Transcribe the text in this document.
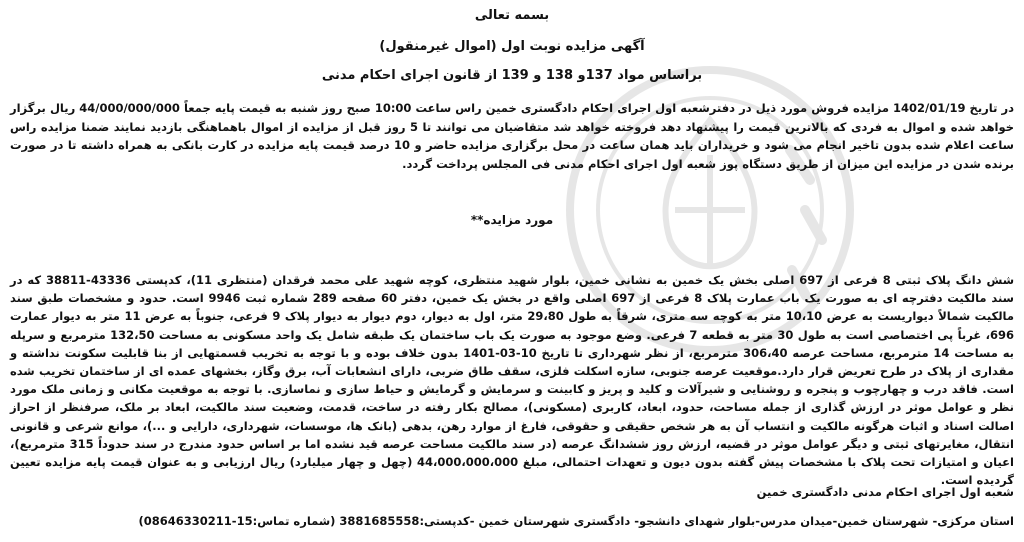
بسمه تعالی
آگهی مزایده نوبت اول (اموال غیرمنقول)
براساس مواد 137و 138 و 139 از قانون اجرای احکام مدنی
در تاریخ 1402/01/19 مزایده فروش مورد ذیل در دفترشعبه اول اجرای احکام دادگستری خمین راس ساعت 10:00 صبح روز شنبه به قیمت پایه جمعاً 44/000/000/000 ریال برگزار خواهد شده و اموال به فردی که بالاترین قیمت را پیشنهاد دهد فروخته خواهد شد متقاضیان می توانند تا 5 روز قبل از مزایده از اموال باهماهنگی بازدید نمایند ضمنا مزایده راس ساعت اعلام شده بدون تاخیر انجام می شود و خریداران باید همان ساعت در محل برگزاری مزایده حاضر و 10 درصد قیمت پایه مزایده در کارت بانکی به همراه داشته تا در صورت برنده شدن در مزایده این میزان از طریق دستگاه پوز شعبه اول اجرای احکام مدنی فی المجلس پرداخت گردد.
مورد مزایده**
شش دانگ پلاک ثبتی 8 فرعی از 697 اصلی بخش یک خمین به نشانی خمین، بلوار شهید منتظری، کوچه شهید علی محمد فرقدان (منتظری 11)، کدپستی 43336-38811 که در سند مالکیت دفترچه ای به صورت یک باب عمارت پلاک 8 فرعی از 697 اصلی واقع در بخش یک خمین، دفتر 60 صفحه 289 شماره ثبت 9946 است. حدود و مشخصات طبق سند مالکیت شمالاً دیواریست به عرض 10،10 متر به کوچه سه متری، شرقاً به طول 29،80 متر، اول به دیوار، دوم دیوار به دیوار پلاک 9 فرعی، جنوباً به عرض 11 متر به دیوار عمارت 696، غرباً پی اختصاصی است به طول 30 متر به قطعه 7 فرعی. وضع موجود به صورت یک باب ساختمان یک طبقه شامل یک واحد مسکونی به مساحت 132،50 مترمربع و سرپله به مساحت 14 مترمربع، مساحت عرصه 306،40 مترمربع، از نظر شهرداری تا تاریخ 10-03-1401 بدون خلاف بوده و با توجه به تخریب قسمتهایی از بنا قابلیت سکونت نداشته و مقداری از پلاک در طرح تعریض قرار دارد.موقعیت عرصه جنوبی، سازه اسکلت فلزی، سقف طاق ضربی، دارای انشعابات آب، برق وگاز، بخشهای عمده ای از ساختمان تخریب شده است. فاقد درب و چهارچوب و پنجره و روشنایی و شیرآلات و کلید و پریز و کابینت و سرمایش و گرمایش و حیاط سازی و نماسازی. با توجه به موقعیت مکانی و زمانی ملک مورد نظر و عوامل موثر در ارزش گذاری از جمله مساحت، حدود، ابعاد، کاربری (مسکونی)، مصالح بکار رفته در ساخت، قدمت، وضعیت سند مالکیت، ابعاد بر ملک، صرفنظر از احراز اصالت اسناد و اثبات هرگونه مالکیت و انتساب آن به هر شخص حقیقی و حقوقی، فارغ از موارد رهن، بدهی (بانک ها، موسسات، شهرداری، دارایی و ...)، موانع شرعی و قانونی انتقال، مغایرتهای ثبتی و دیگر عوامل موثر در قضیه، ارزش روز ششدانگ عرصه (در سند مالکیت مساحت عرصه قید نشده اما بر اساس حدود مندرج در سند حدوداً 315 مترمربع)، اعیان و امتیازات تحت پلاک با مشخصات پیش گفته بدون دیون و تعهدات احتمالی، مبلغ 44،000،000،000 (چهل و چهار میلیارد) ریال ارزیابی و به عنوان قیمت پایه مزایده تعیین گردیده است.
شعبه اول اجرای احکام مدنی دادگستری خمین
استان مرکزی- شهرستان خمین-میدان مدرس-بلوار شهدای دانشجو- دادگستری شهرستان خمین -کدپستی:3881685558 (شماره تماس:15-08646330211)
